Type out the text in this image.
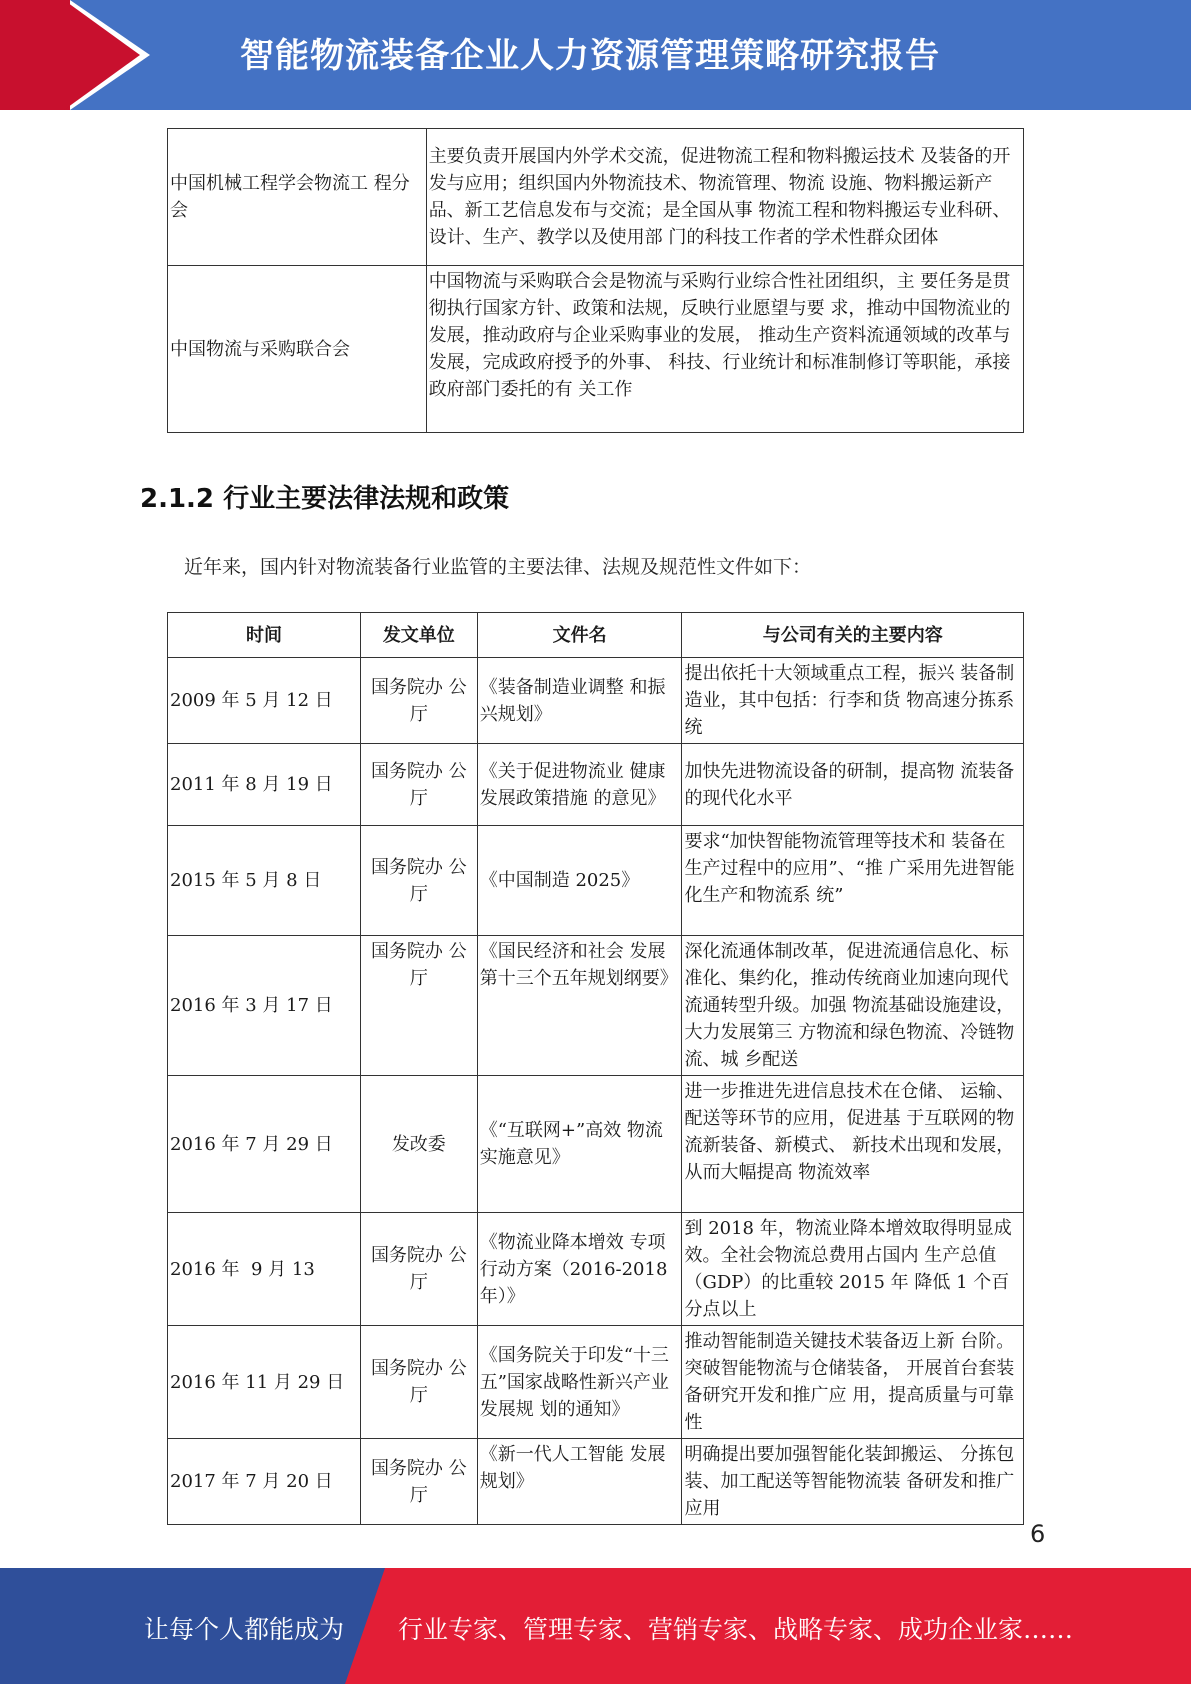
智能物流装备企业人力资源管理策略研究报告
中国机械工程学会物流工 程分会	主要负责开展国内外学术交流，促进物流工程和物料搬运技术 及装备的开发与应用；组织国内外物流技术、物流管理、物流 设施、物料搬运新产品、新工艺信息发布与交流；是全国从事 物流工程和物料搬运专业科研、设计、生产、教学以及使用部 门的科技工作者的学术性群众团体
中国物流与采购联合会	中国物流与采购联合会是物流与采购行业综合性社团组织，主 要任务是贯彻执行国家方针、政策和法规，反映行业愿望与要 求，推动中国物流业的发展，推动政府与企业采购事业的发展， 推动生产资料流通领域的改革与发展，完成政府授予的外事、 科技、行业统计和标准制修订等职能，承接政府部门委托的有 关工作
2.1.2 行业主要法律法规和政策
近年来，国内针对物流装备行业监管的主要法律、法规及规范性文件如下：
时间	发文单位	文件名	与公司有关的主要内容
2009 年 5 月 12 日	国务院办 公厅	《装备制造业调整 和振兴规划》	提出依托十大领域重点工程，振兴 装备制造业，其中包括：行李和货 物高速分拣系统
2011 年 8 月 19 日	国务院办 公厅	《关于促进物流业 健康发展政策措施 的意见》	加快先进物流设备的研制，提高物 流装备的现代化水平
2015 年 5 月 8 日	国务院办 公厅	《中国制造 2025》	要求“加快智能物流管理等技术和 装备在生产过程中的应用”、“推 广采用先进智能化生产和物流系 统”
2016 年 3 月 17 日	国务院办 公厅	《国民经济和社会 发展第十三个五年规划纲要》	深化流通体制改革，促进流通信息化、标准化、集约化，推动传统商业加速向现代流通转型升级。加强 物流基础设施建设，大力发展第三 方物流和绿色物流、冷链物流、城 乡配送
2016 年 7 月 29 日	发改委	《“互联网+”高效 物流实施意见》	进一步推进先进信息技术在仓储、 运输、配送等环节的应用，促进基 于互联网的物流新装备、新模式、 新技术出现和发展，从而大幅提高 物流效率
2016 年  9 月 13	国务院办 公厅	《物流业降本增效 专项行动方案（2016-2018 年）》	到 2018 年，物流业降本增效取得明显成效。全社会物流总费用占国内 生产总值（GDP）的比重较 2015 年 降低 1 个百分点以上
2016 年 11 月 29 日	国务院办 公厅	《国务院关于印发“十三五”国家战略性新兴产业发展规 划的通知》	推动智能制造关键技术装备迈上新 台阶。突破智能物流与仓储装备， 开展首台套装备研究开发和推广应 用，提高质量与可靠性
2017 年 7 月 20 日	国务院办 公厅	《新一代人工智能 发展规划》	明确提出要加强智能化装卸搬运、 分拣包装、加工配送等智能物流装 备研发和推广应用
6
让每个人都能成为 行业专家、管理专家、营销专家、战略专家、成功企业家……
